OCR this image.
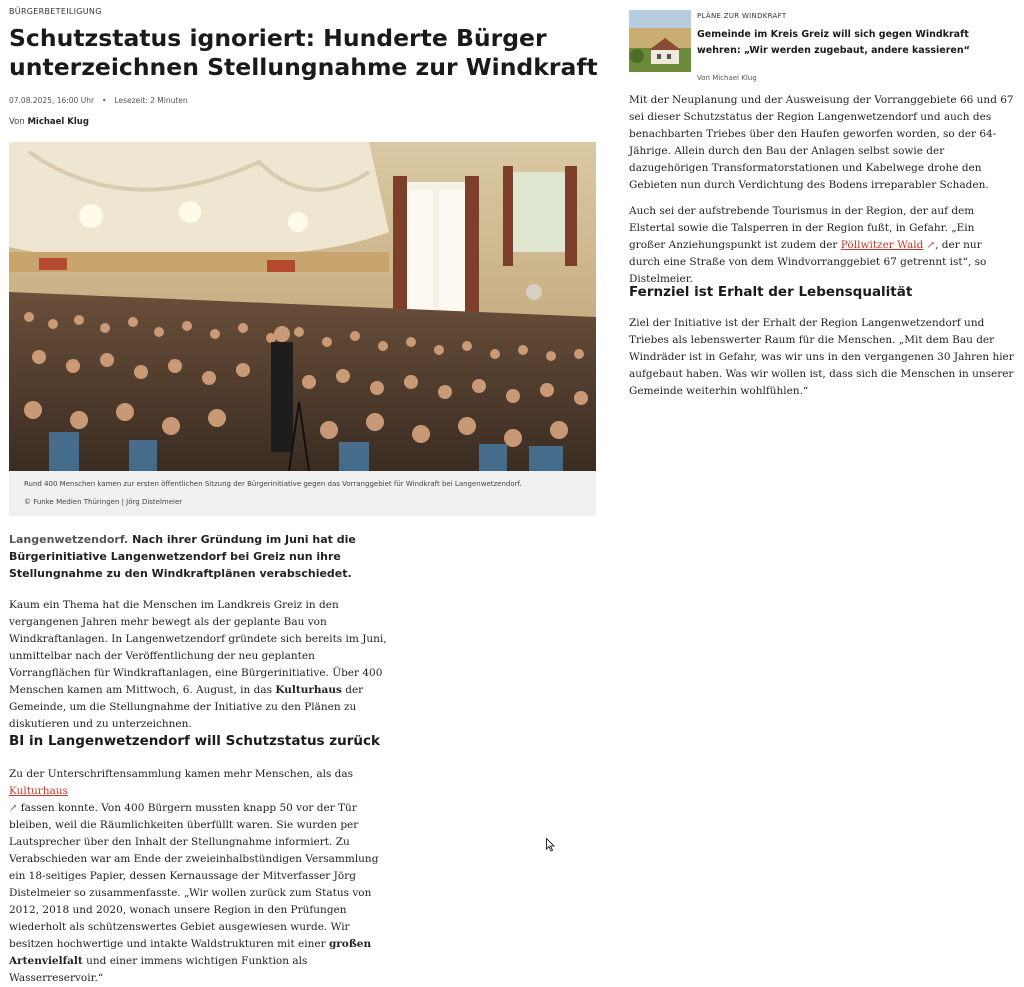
BÜRGERBETEILIGUNG
Schutzstatus ignoriert: Hunderte Bürger unterzeichnen Stellungnahme zur Windkraft
07.08.2025, 16:00 Uhr • Lesezeit: 2 Minuten
Von Michael Klug
Rund 400 Menschen kamen zur ersten öffentlichen Sitzung der Bürgerinitiative gegen das Vorranggebiet für Windkraft bei Langenwetzendorf.
© Funke Medien Thüringen | Jörg Distelmeier

Langenwetzendorf. Nach ihrer Gründung im Juni hat die Bürgerinitiative Langenwetzendorf bei Greiz nun ihre Stellungnahme zu den Windkraftplänen verabschiedet.

Kaum ein Thema hat die Menschen im Landkreis Greiz in den vergangenen Jahren mehr bewegt als der geplante Bau von Windkraftanlagen. In Langenwetzendorf gründete sich bereits im Juni, unmittelbar nach der Veröffentlichung der neu geplanten Vorrangflächen für Windkraftanlagen, eine Bürgerinitiative. Über 400 Menschen kamen am Mittwoch, 6. August, in das Kulturhaus der Gemeinde, um die Stellungnahme der Initiative zu den Plänen zu diskutieren und zu unterzeichnen.

BI in Langenwetzendorf will Schutzstatus zurück

Zu der Unterschriftensammlung kamen mehr Menschen, als das Kulturhaus
↗ fassen konnte. Von 400 Bürgern mussten knapp 50 vor der Tür bleiben, weil die Räumlichkeiten überfüllt waren. Sie wurden per Lautsprecher über den Inhalt der Stellungnahme informiert. Zu Verabschieden war am Ende der zweieinhalbstündigen Versammlung ein 18-seitiges Papier, dessen Kernaussage der Mitverfasser Jörg Distelmeier so zusammenfasste. „Wir wollen zurück zum Status von 2012, 2018 und 2020, wonach unsere Region in den Prüfungen wiederholt als schützenswertes Gebiet ausgewiesen wurde. Wir besitzen hochwertige und intakte Waldstrukturen mit einer großen Artenvielfalt und einer immens wichtigen Funktion als Wasserreservoir.“

PLÄNE ZUR WINDKRAFT

Gemeinde im Kreis Greiz will sich gegen Windkraft wehren: „Wir werden zugebaut, andere kassieren“

Von Michael Klug

Mit der Neuplanung und der Ausweisung der Vorranggebiete 66 und 67 sei dieser Schutzstatus der Region Langenwetzendorf und auch des benachbarten Triebes über den Haufen geworfen worden, so der 64-Jährige. Allein durch den Bau der Anlagen selbst sowie der dazugehörigen Transformatorstationen und Kabelwege drohe den Gebieten nun durch Verdichtung des Bodens irreparabler Schaden.

Auch sei der aufstrebende Tourismus in der Region, der auf dem Elstertal sowie die Talsperren in der Region fußt, in Gefahr. „Ein großer Anziehungspunkt ist zudem der Pöllwitzer Wald ↗, der nur durch eine Straße von dem Windvorranggebiet 67 getrennt ist“, so Distelmeier.

Fernziel ist Erhalt der Lebensqualität

Ziel der Initiative ist der Erhalt der Region Langenwetzendorf und Triebes als lebenswerter Raum für die Menschen. „Mit dem Bau der Windräder ist in Gefahr, was wir uns in den vergangenen 30 Jahren hier aufgebaut haben. Was wir wollen ist, dass sich die Menschen in unserer Gemeinde weiterhin wohlfühlen.“
